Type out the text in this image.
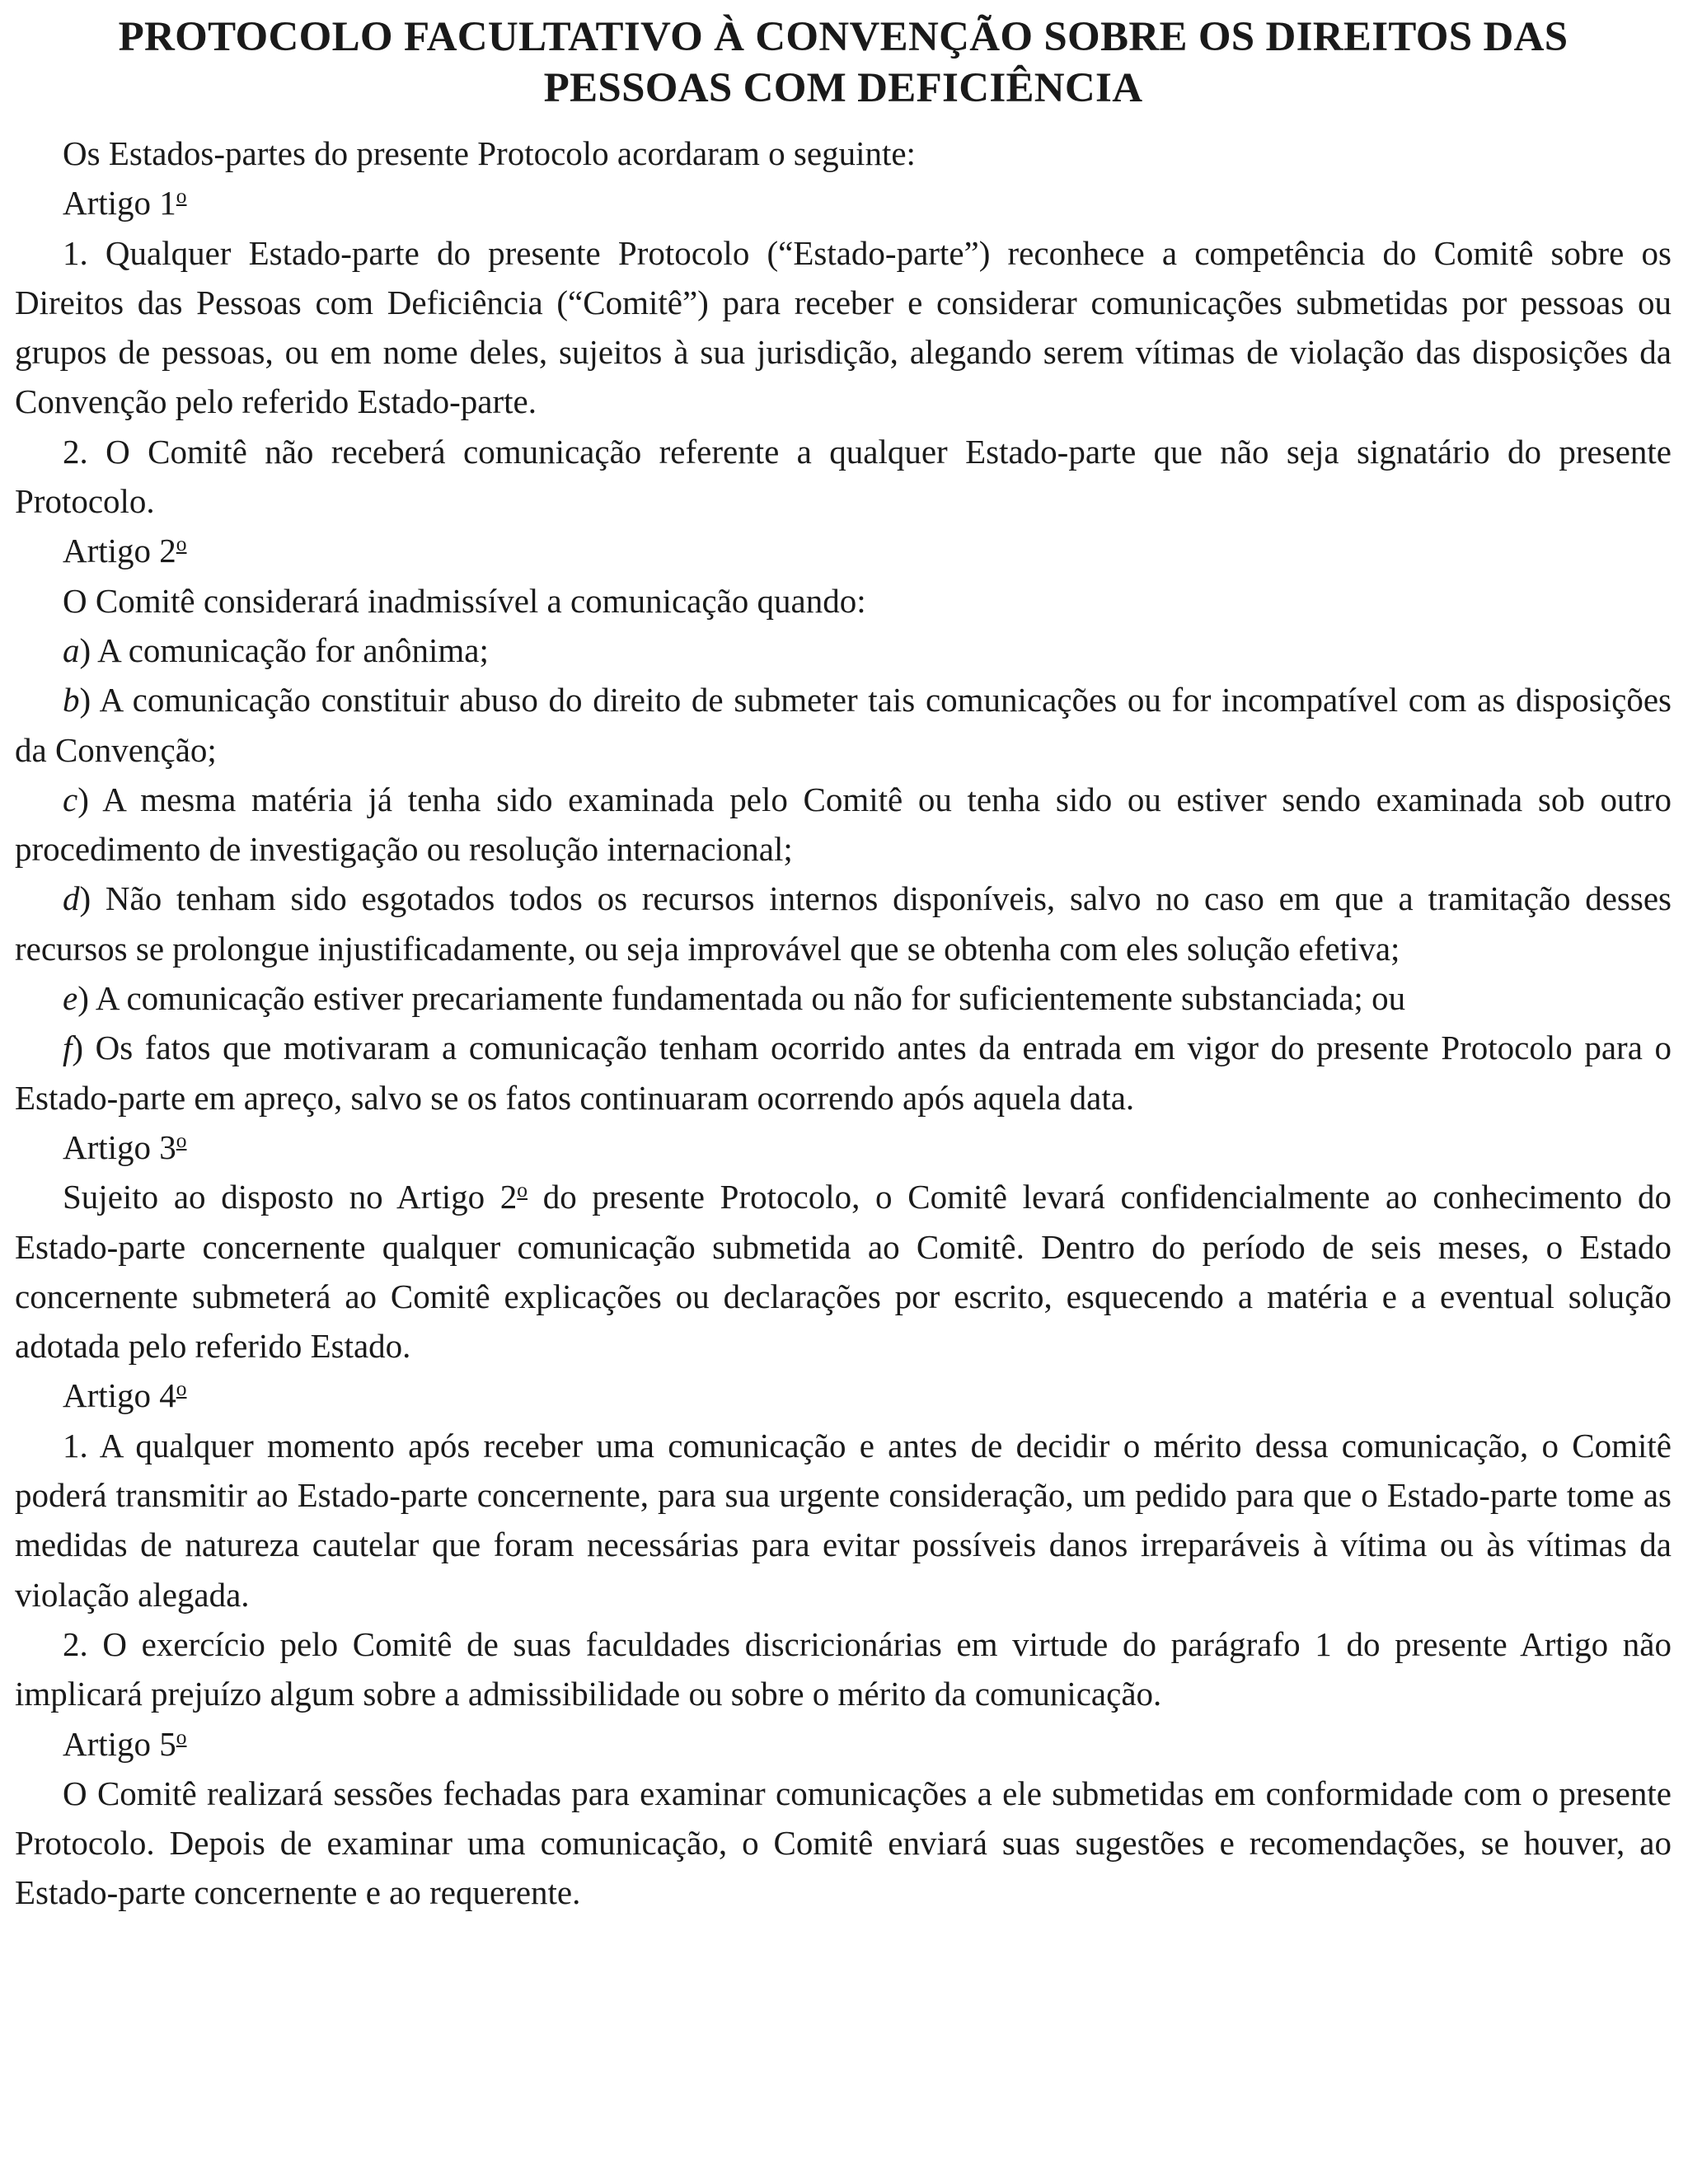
PROTOCOLO FACULTATIVO À CONVENÇÃO SOBRE OS DIREITOS DAS
PESSOAS COM DEFICIÊNCIA

Os Estados-partes do presente Protocolo acordaram o seguinte:

Artigo 1$^o$

1. Qualquer Estado-parte do presente Protocolo (“Estado-parte”) reconhece a competência do Comitê sobre os Direitos das Pessoas com Deficiência (“Comitê”) para receber e considerar comunicações submetidas por pessoas ou grupos de pessoas, ou em nome deles, sujeitos à sua jurisdição, alegando serem vítimas de violação das disposições da Convenção pelo referido Estado-parte.

2. O Comitê não receberá comunicação referente a qualquer Estado-parte que não seja signatário do presente Protocolo.

Artigo 2$^o$

O Comitê considerará inadmissível a comunicação quando:

a) A comunicação for anônima;

b) A comunicação constituir abuso do direito de submeter tais comunicações ou for incompatível com as disposições da Convenção;

c) A mesma matéria já tenha sido examinada pelo Comitê ou tenha sido ou estiver sendo examinada sob outro procedimento de investigação ou resolução internacional;

d) Não tenham sido esgotados todos os recursos internos disponíveis, salvo no caso em que a tramitação desses recursos se prolongue injustificadamente, ou seja improvável que se obtenha com eles solução efetiva;

e) A comunicação estiver precariamente fundamentada ou não for suficientemente substanciada; ou

f) Os fatos que motivaram a comunicação tenham ocorrido antes da entrada em vigor do presente Protocolo para o Estado-parte em apreço, salvo se os fatos continuaram ocorrendo após aquela data.

Artigo 3$^o$

Sujeito ao disposto no Artigo 2$^o$ do presente Protocolo, o Comitê levará confidencialmente ao conhecimento do Estado-parte concernente qualquer comunicação submetida ao Comitê. Dentro do período de seis meses, o Estado concernente submeterá ao Comitê explicações ou declarações por escrito, esquecendo a matéria e a eventual solução adotada pelo referido Estado.

Artigo 4$^o$

1. A qualquer momento após receber uma comunicação e antes de decidir o mérito dessa comunicação, o Comitê poderá transmitir ao Estado-parte concernente, para sua urgente consideração, um pedido para que o Estado-parte tome as medidas de natureza cautelar que foram necessárias para evitar possíveis danos irreparáveis à vítima ou às vítimas da violação alegada.

2. O exercício pelo Comitê de suas faculdades discricionárias em virtude do parágrafo 1 do presente Artigo não implicará prejuízo algum sobre a admissibilidade ou sobre o mérito da comunicação.

Artigo 5$^o$

O Comitê realizará sessões fechadas para examinar comunicações a ele submetidas em conformidade com o presente Protocolo. Depois de examinar uma comunicação, o Comitê enviará suas sugestões e recomendações, se houver, ao Estado-parte concernente e ao requerente.
